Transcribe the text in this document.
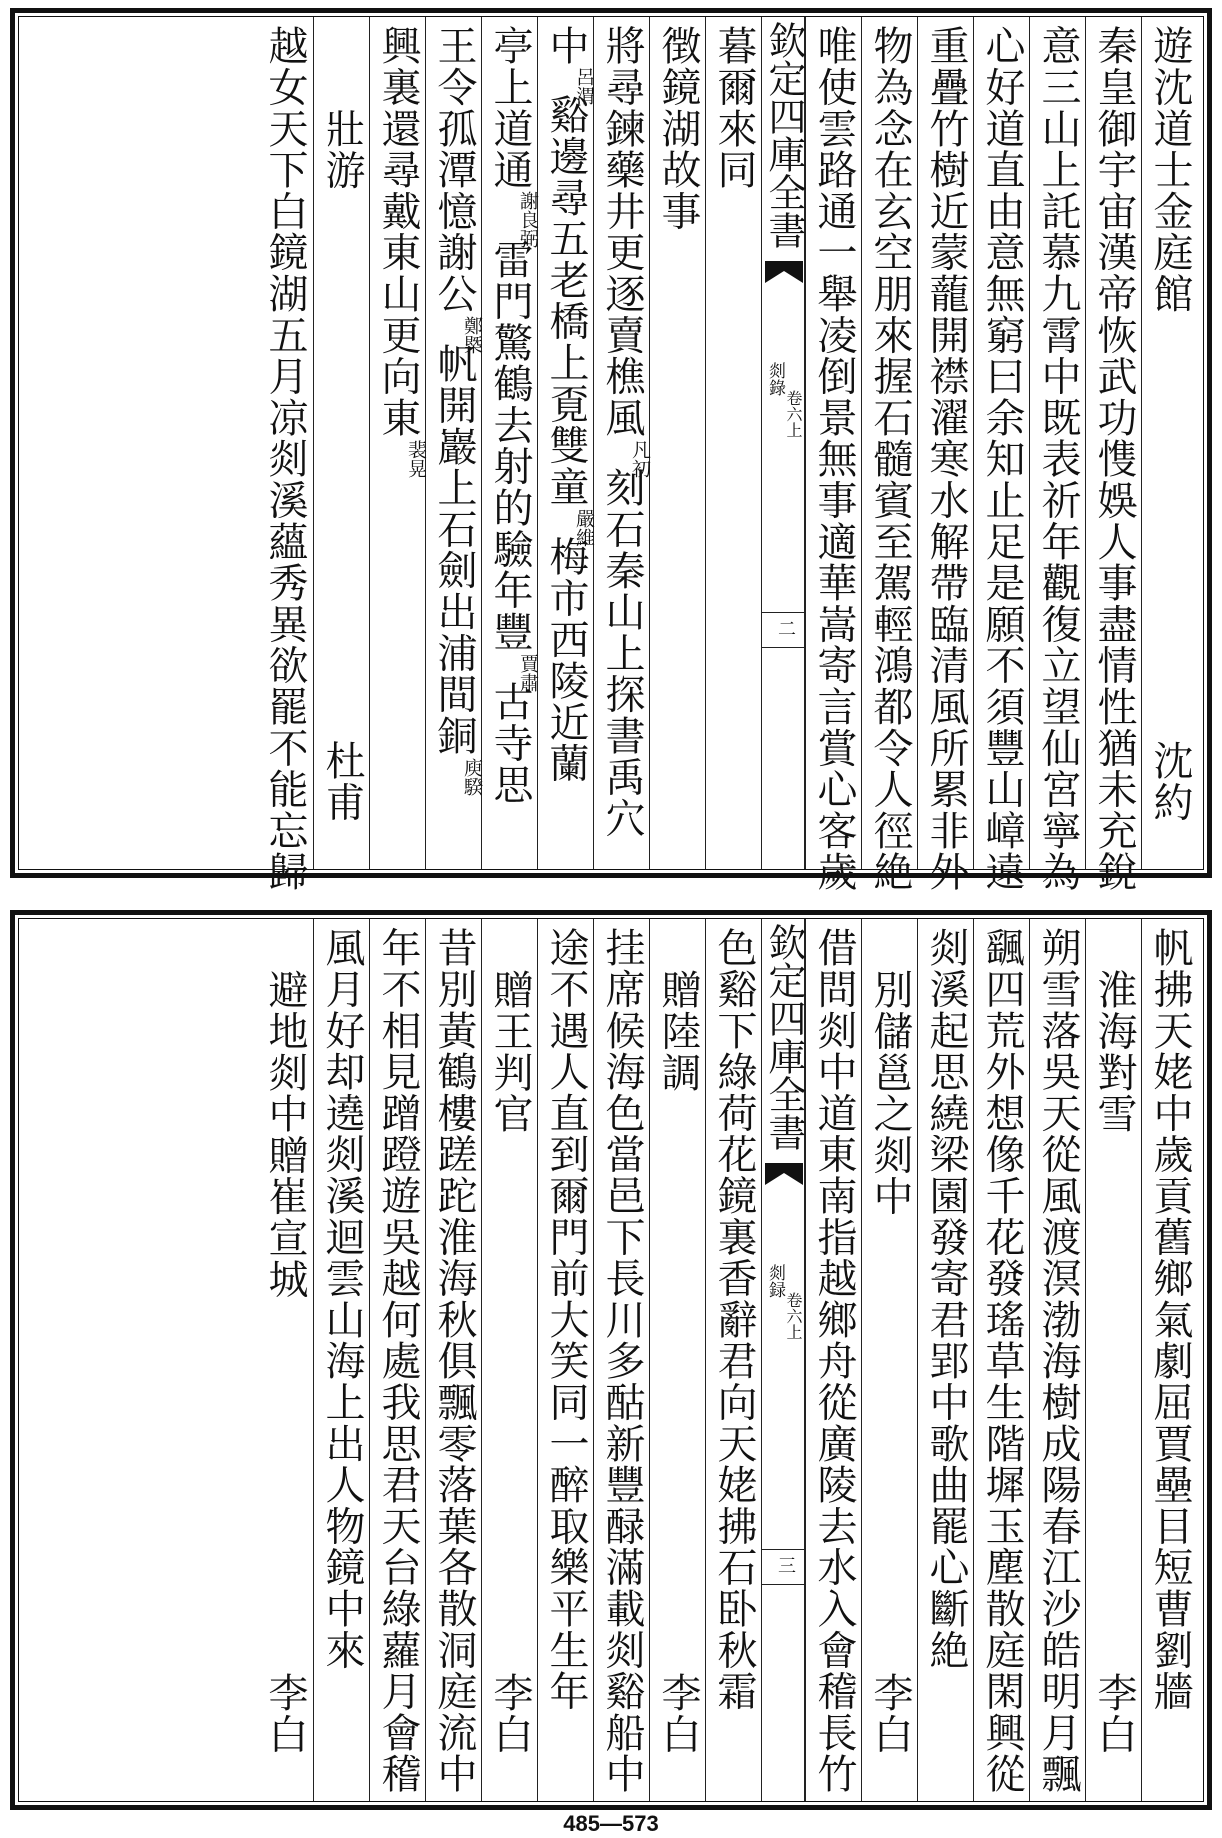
遊沈道士金庭館
沈約
秦皇御宇宙漢帝恢武功愯娛人事盡情性猶未充銳
意三山上託慕九霄中既表祈年觀復立望仙宮寧為
心好道直由意無窮曰余知止足是願不須豐山嶂遠
重疊竹樹近蒙蘢開襟濯寒水解帶臨清風所累非外
物為念在玄空朋來握石髓賓至駕輕鴻都令人徑絶
唯使雲路通一舉凌倒景無事適華嵩寄言賞心客歲
欽定四庫全書
剡錄
卷六上
二
暮爾來同
徴鏡湖故事
將尋鍊藥井更逐賣樵風
凡初
刻石秦山上探書禹穴
中
呂渭
谿邊尋五老橋上覔雙童
嚴維
梅市西陵近蘭
亭上道通
謝良弼
雷門驚鶴去射的驗年豐
賈肅
古寺思
王令孤潭憶謝公
鄭槩
帆開巖上石劍出浦間銅
庾騤
興裏還尋戴東山更向東
裴晃
壯游
杜甫
越女天下白鏡湖五月凉剡溪蘊秀異欲罷不能忘歸
帆拂天姥中歲貢舊鄉氣劇屈賈壘目短曹劉牆
淮海對雪
李白
朔雪落吳天從風渡溟渤海樹成陽春江沙皓明月飄
颻四荒外想像千花發瑤草生階墀玉塵散庭閑興從
剡溪起思繞梁園發寄君郢中歌曲罷心斷絶
別儲邕之剡中
李白
借問剡中道東南指越鄉舟從廣陵去水入會稽長竹
欽定四庫全書
剡録
卷六上
三
色谿下綠荷花鏡裏香辭君向天姥拂石卧秋霜
贈陸調
李白
挂席候海色當邑下長川多酤新豐醁滿載剡谿船中
途不遇人直到爾門前大笑同一醉取樂平生年
贈王判官
李白
昔別黃鶴樓蹉跎淮海秋俱飄零落葉各散洞庭流中
年不相見蹭蹬遊吳越何處我思君天台綠蘿月會稽
風月好却遶剡溪迴雲山海上出人物鏡中來
避地剡中贈崔宣城
李白
485—573
